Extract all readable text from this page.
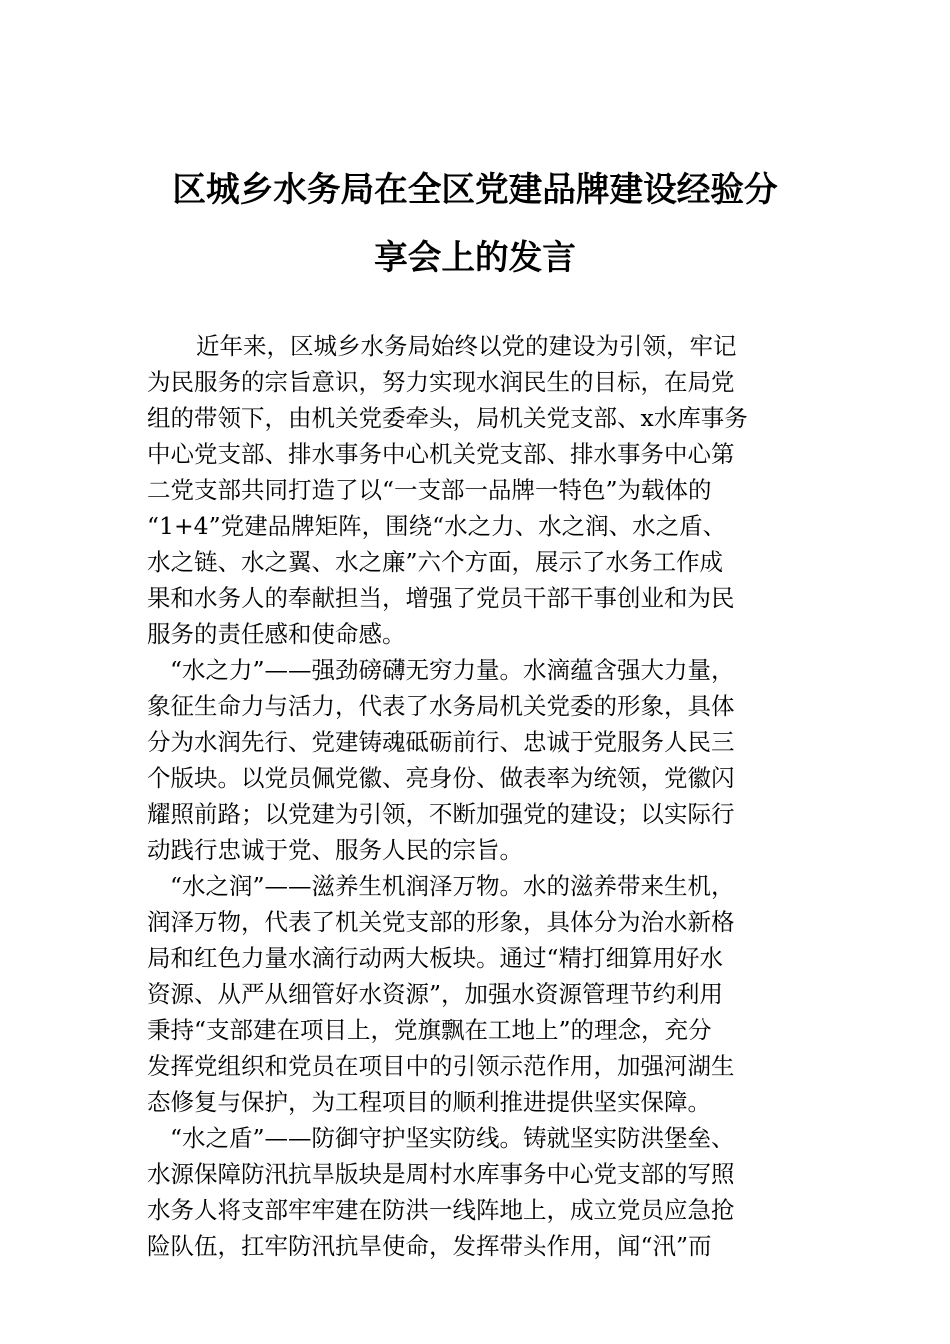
区城乡水务局在全区党建品牌建设经验分
享会上的发言
近年来，区城乡水务局始终以党的建设为引领，牢记
为民服务的宗旨意识，努力实现水润民生的目标，在局党
组的带领下，由机关党委牵头，局机关党支部、x水库事务
中心党支部、排水事务中心机关党支部、排水事务中心第
二党支部共同打造了以“一支部一品牌一特色”为载体的
“1+4”党建品牌矩阵，围绕“水之力、水之润、水之盾、
水之链、水之翼、水之廉”六个方面，展示了水务工作成
果和水务人的奉献担当，增强了党员干部干事创业和为民
服务的责任感和使命感。
“水之力”——强劲磅礴无穷力量。水滴蕴含强大力量，
象征生命力与活力，代表了水务局机关党委的形象，具体
分为水润先行、党建铸魂砥砺前行、忠诚于党服务人民三
个版块。以党员佩党徽、亮身份、做表率为统领，党徽闪
耀照前路；以党建为引领，不断加强党的建设；以实际行
动践行忠诚于党、服务人民的宗旨。
“水之润”——滋养生机润泽万物。水的滋养带来生机，
润泽万物，代表了机关党支部的形象，具体分为治水新格
局和红色力量水滴行动两大板块。通过“精打细算用好水
资源、从严从细管好水资源”，加强水资源管理节约利用
秉持“支部建在项目上，党旗飘在工地上”的理念，充分
发挥党组织和党员在项目中的引领示范作用，加强河湖生
态修复与保护，为工程项目的顺利推进提供坚实保障。
“水之盾”——防御守护坚实防线。铸就坚实防洪堡垒、
水源保障防汛抗旱版块是周村水库事务中心党支部的写照
水务人将支部牢牢建在防洪一线阵地上，成立党员应急抢
险队伍，扛牢防汛抗旱使命，发挥带头作用，闻“汛”而
